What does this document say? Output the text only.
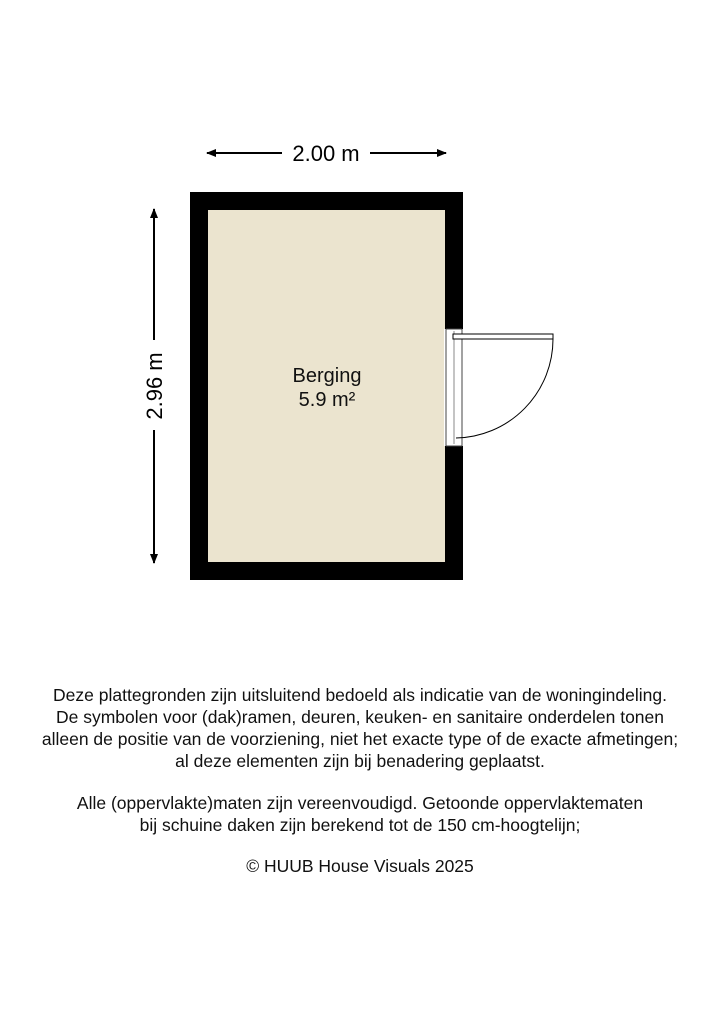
2.00 m
2.96 m	Berging
5.9 m²

Deze plattegronden zijn uitsluitend bedoeld als indicatie van de woningindeling.

De symbolen voor (dak)ramen, deuren, keuken- en sanitaire onderdelen tonen

alleen de positie van de voorziening, niet het exacte type of de exacte afmetingen;

al deze elementen zijn bij benadering geplaatst.

Alle (oppervlakte)maten zijn vereenvoudigd. Getoonde oppervlaktematen

bij schuine daken zijn berekend tot de 150 cm-hoogtelijn;

© HUUB House Visuals 2025
